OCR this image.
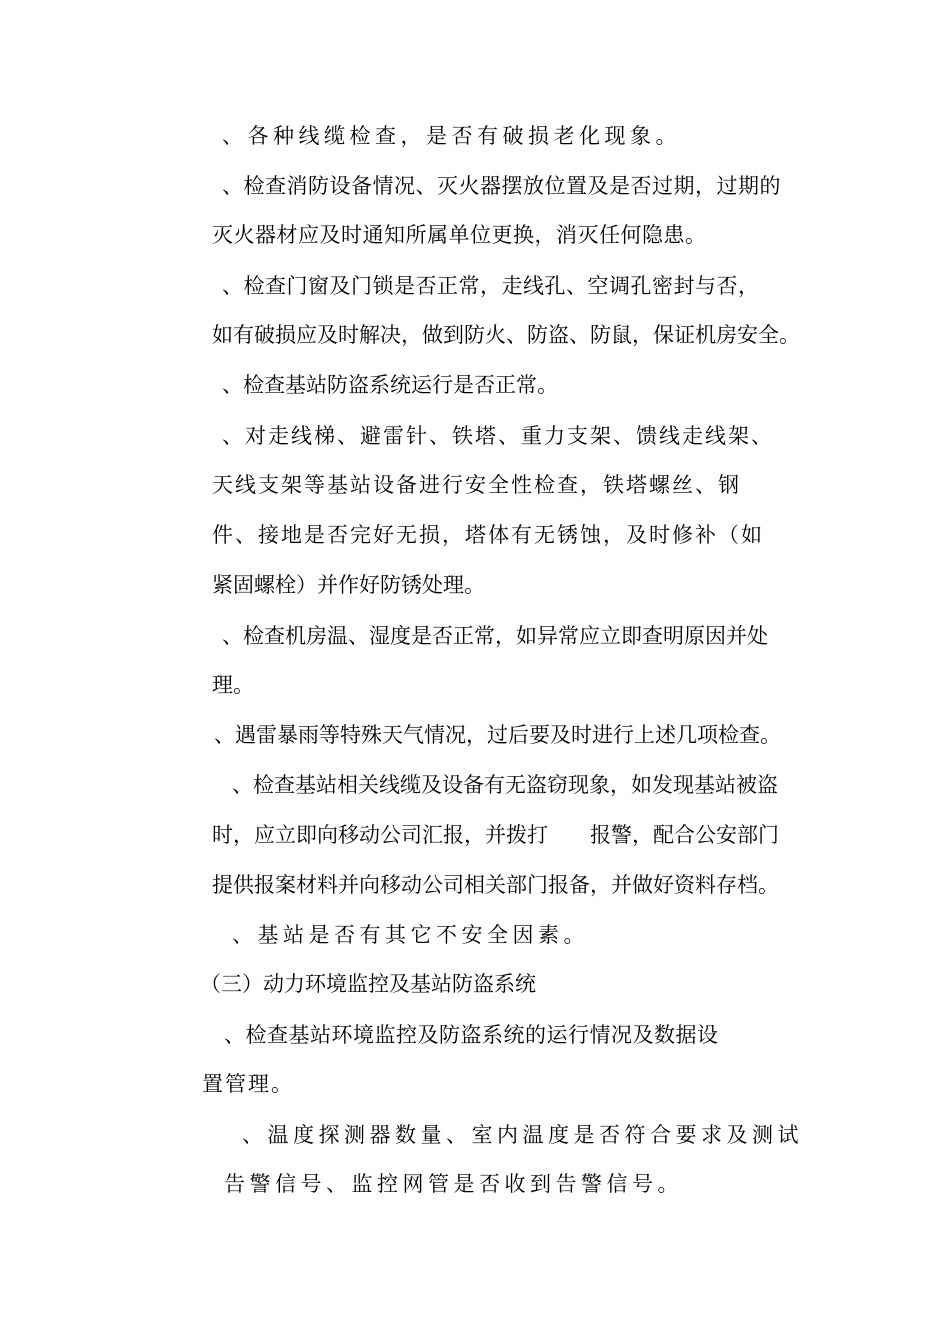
、各种线缆检查，是否有破损老化现象。
、检查消防设备情况、灭火器摆放位置及是否过期，过期的
灭火器材应及时通知所属单位更换，消灭任何隐患。
、检查门窗及门锁是否正常，走线孔、空调孔密封与否，
如有破损应及时解决，做到防火、防盗、防鼠，保证机房安全。
、检查基站防盗系统运行是否正常。
、对走线梯、避雷针、铁塔、重力支架、馈线走线架、
天线支架等基站设备进行安全性检查，铁塔螺丝、钢
件、接地是否完好无损，塔体有无锈蚀，及时修补（如
紧固螺栓）并作好防锈处理。
、检查机房温、湿度是否正常，如异常应立即查明原因并处
理。
、遇雷暴雨等特殊天气情况，过后要及时进行上述几项检查。
、检查基站相关线缆及设备有无盗窃现象，如发现基站被盗
时，应立即向移动公司汇报，并拨打　　报警，配合公安部门
提供报案材料并向移动公司相关部门报备，并做好资料存档。
、基站是否有其它不安全因素。
（三）动力环境监控及基站防盗系统
、检查基站环境监控及防盗系统的运行情况及数据设
置管理。
、温度探测器数量、室内温度是否符合要求及测试
告警信号、监控网管是否收到告警信号。
